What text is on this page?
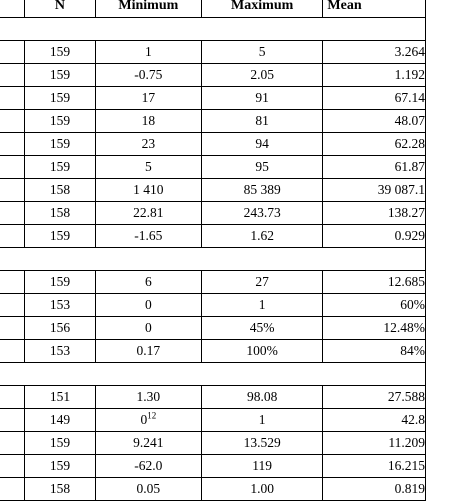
	N	Minimum	Maximum	Mean

	159	1	5	3.264
	159	-0.75	2.05	1.192
	159	17	91	67.14
	159	18	81	48.07
	159	23	94	62.28
	159	5	95	61.87
	158	1 410	85 389	39 087.1
	158	22.81	243.73	138.27
	159	-1.65	1.62	0.929

	159	6	27	12.685
	153	0	1	60%
	156	0	45%	12.48%
	153	0.17	100%	84%

	151	1.30	98.08	27.588
	149	$0^{12}$	1	42.8
	159	9.241	13.529	11.209
	159	-62.0	119	16.215
	158	0.05	1.00	0.819
